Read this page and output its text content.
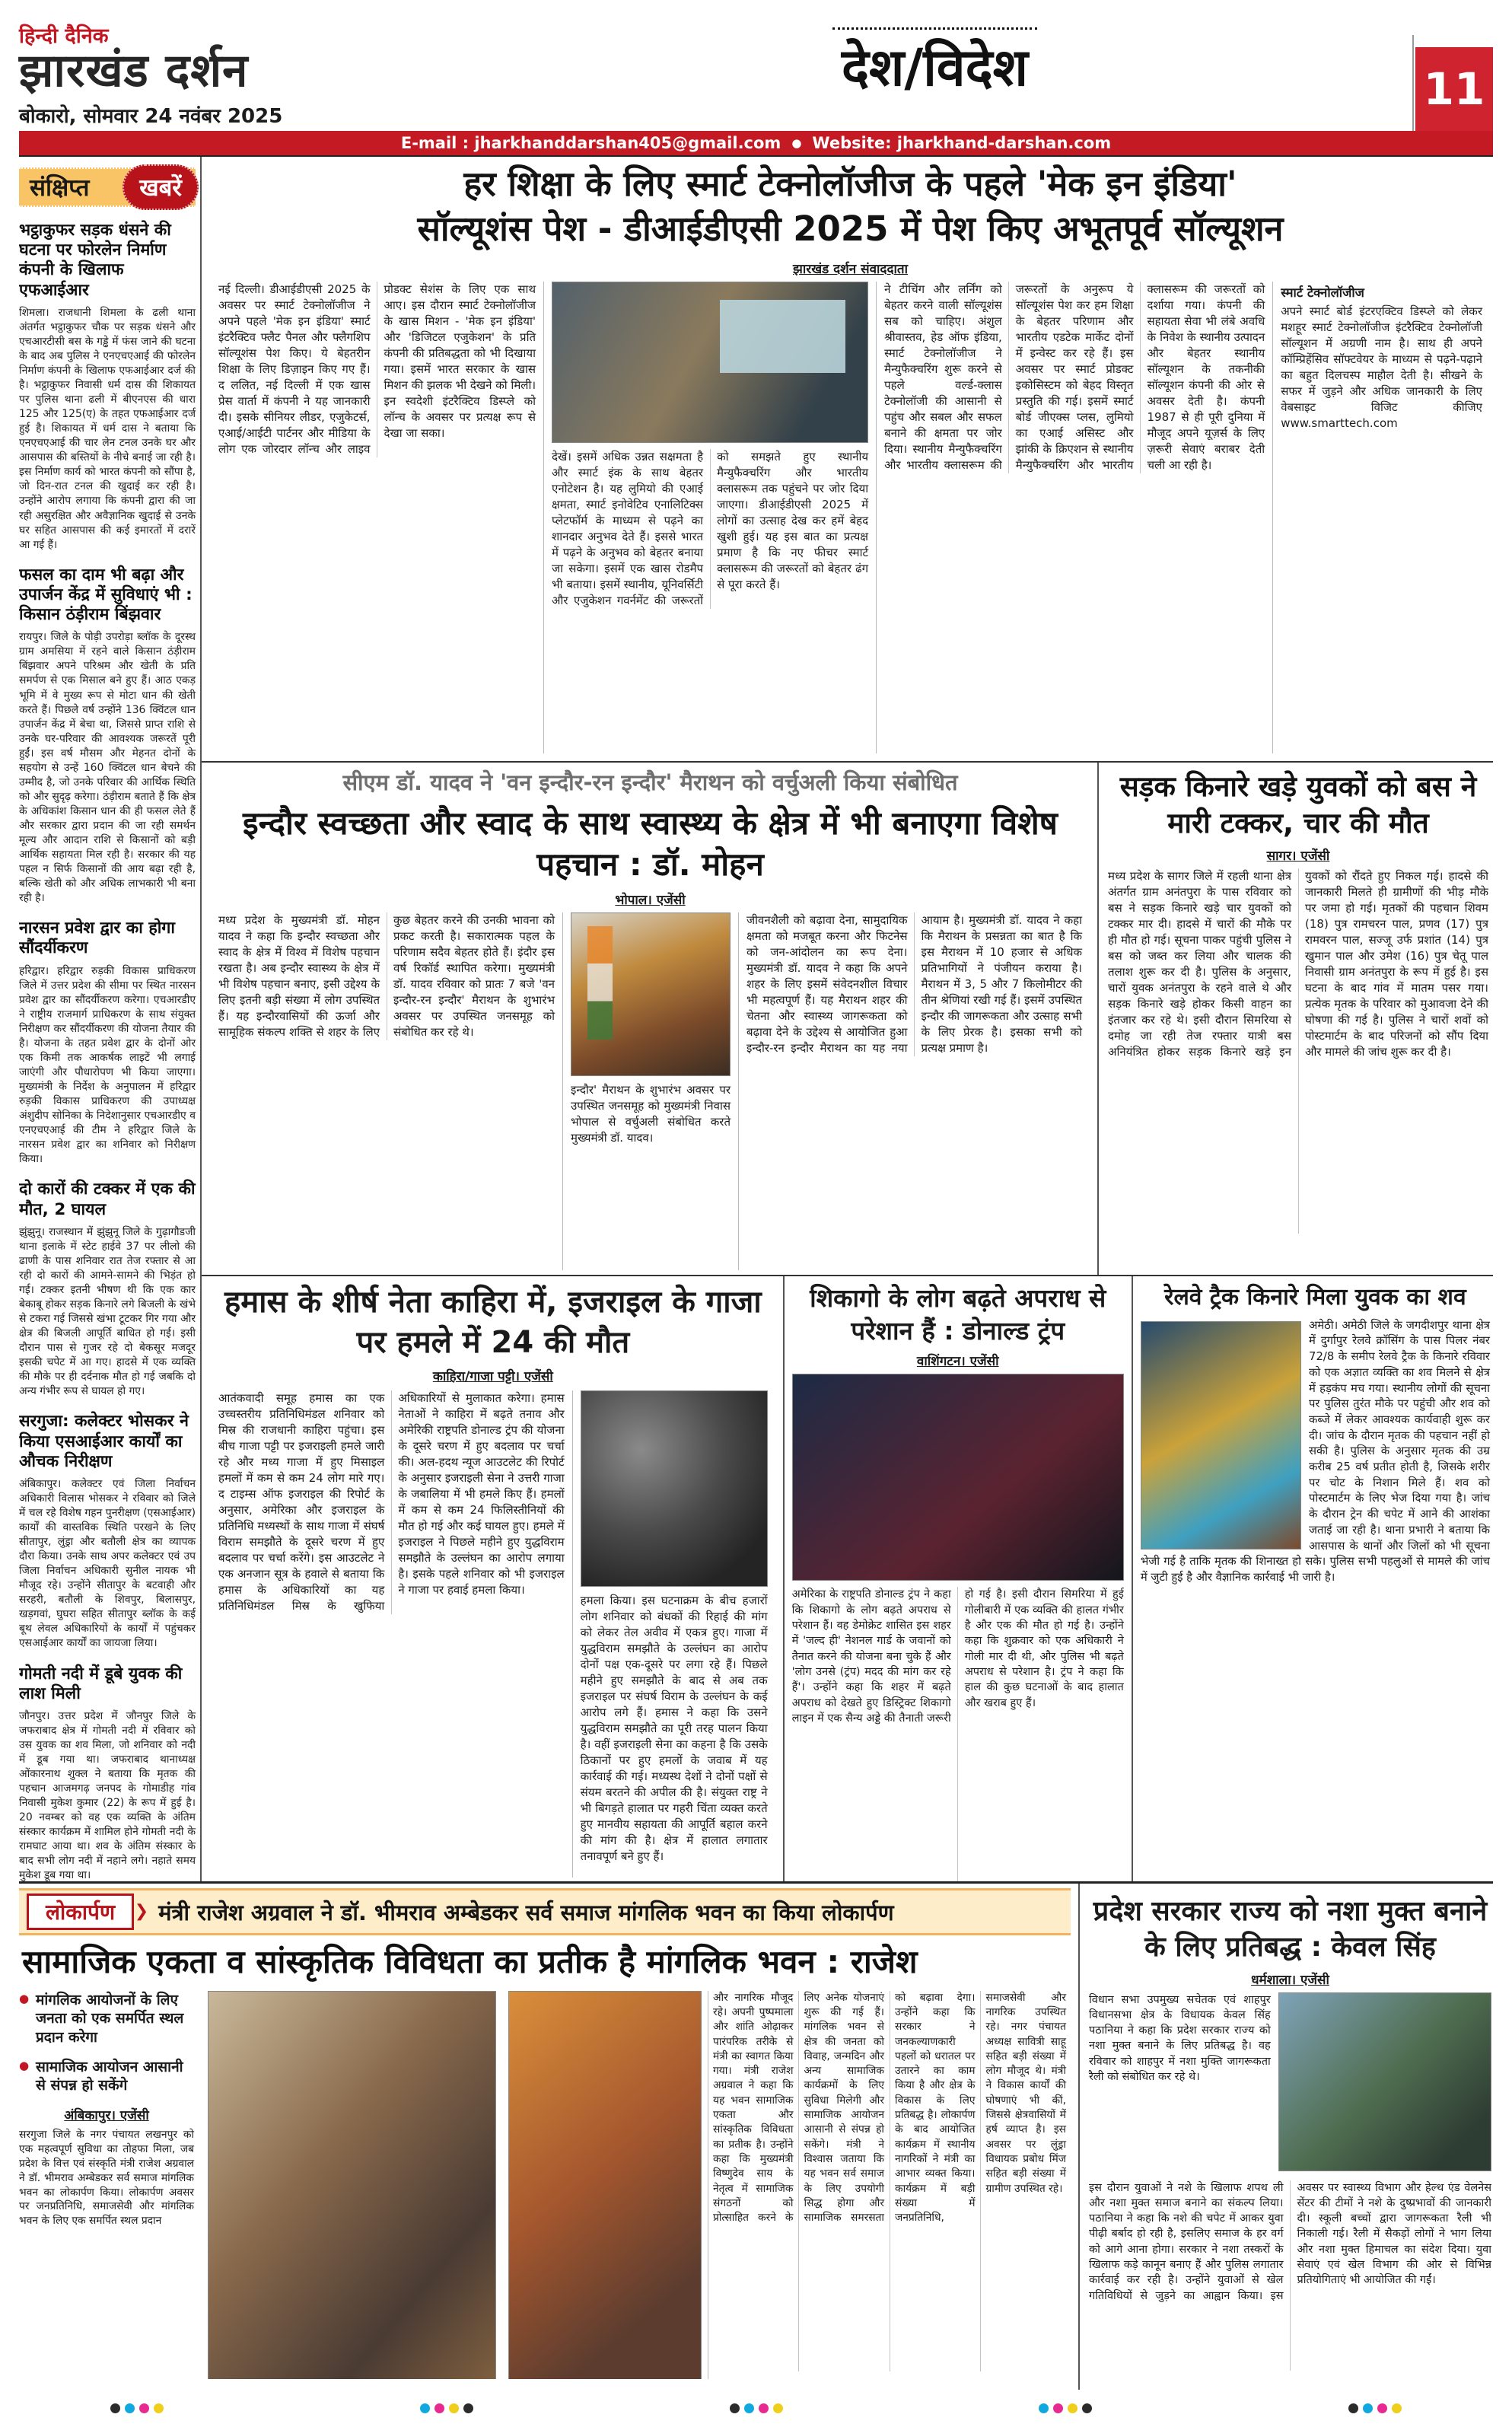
हिन्दी दैनिक
झारखंड दर्शन
बोकारो, सोमवार 24 नवंबर 2025
देश/विदेश	11
E-mail : jharkhanddarshan405@gmail.com ● Website: jharkhand-darshan.com
संक्षिप्त	खबरें
भट्ठाकुफर सड़क धंसने की घटना पर फोरलेन निर्माण कंपनी के खिलाफ एफआईआर

शिमला। राजधानी शिमला के ढली थाना अंतर्गत भट्ठाकुफर चौक पर सड़क धंसने और एचआरटीसी बस के गड्ढे में फंस जाने की घटना के बाद अब पुलिस ने एनएचएआई की फोरलेन निर्माण कंपनी के खिलाफ एफआईआर दर्ज की है। भट्ठाकुफर निवासी धर्म दास की शिकायत पर पुलिस थाना ढली में बीएनएस की धारा 125 और 125(ए) के तहत एफआईआर दर्ज हुई है। शिकायत में धर्म दास ने बताया कि एनएचएआई की चार लेन टनल उनके घर और आसपास की बस्तियों के नीचे बनाई जा रही है। इस निर्माण कार्य को भारत कंपनी को सौंपा है, जो दिन-रात टनल की खुदाई कर रही है। उन्होंने आरोप लगाया कि कंपनी द्वारा की जा रही असुरक्षित और अवैज्ञानिक खुदाई से उनके घर सहित आसपास की कई इमारतों में दरारें आ गई हैं।

फसल का दाम भी बढ़ा और उपार्जन केंद्र में सुविधाएं भी : किसान ठंड़ीराम बिंझवार

रायपुर। जिले के पोड़ी उपरोड़ा ब्लॉक के दूरस्थ ग्राम अमसिया में रहने वाले किसान ठंड़ीराम बिंझवार अपने परिश्रम और खेती के प्रति समर्पण से एक मिसाल बने हुए हैं। आठ एकड़ भूमि में वे मुख्य रूप से मोटा धान की खेती करते हैं। पिछले वर्ष उन्होंने 136 क्विंटल धान उपार्जन केंद्र में बेचा था, जिससे प्राप्त राशि से उनके घर-परिवार की आवश्यक जरूरतें पूरी हुईं। इस वर्ष मौसम और मेहनत दोनों के सहयोग से उन्हें 160 क्विंटल धान बेचने की उम्मीद है, जो उनके परिवार की आर्थिक स्थिति को और सुदृढ़ करेगा। ठंड़ीराम बताते हैं कि क्षेत्र के अधिकांश किसान धान की ही फसल लेते हैं और सरकार द्वारा प्रदान की जा रही समर्थन मूल्य और आदान राशि से किसानों को बड़ी आर्थिक सहायता मिल रही है। सरकार की यह पहल न सिर्फ किसानों की आय बढ़ा रही है, बल्कि खेती को और अधिक लाभकारी भी बना रही है।

नारसन प्रवेश द्वार का होगा सौंदर्यीकरण

हरिद्वार। हरिद्वार रुड़की विकास प्राधिकरण जिले में उत्तर प्रदेश की सीमा पर स्थित नारसन प्रवेश द्वार का सौंदर्यीकरण करेगा। एचआरडीए ने राष्ट्रीय राजमार्ग प्राधिकरण के साथ संयुक्त निरीक्षण कर सौंदर्यीकरण की योजना तैयार की है। योजना के तहत प्रवेश द्वार के दोनों ओर एक किमी तक आकर्षक लाइटें भी लगाई जाएंगी और पौधारोपण भी किया जाएगा। मुख्यमंत्री के निर्देश के अनुपालन में हरिद्वार रुड़की विकास प्राधिकरण की उपाध्यक्ष अंशुदीप सोनिका के निदेशानुसार एचआरडीए व एनएचएआई की टीम ने हरिद्वार जिले के नारसन प्रवेश द्वार का शनिवार को निरीक्षण किया।

दो कारों की टक्कर में एक की मौत, 2 घायल

झुंझुनू। राजस्थान में झुंझुनू जिले के गुढ़ागौडजी थाना इलाके में स्टेट हाईवे 37 पर लीलो की ढाणी के पास शनिवार रात तेज रफ्तार से आ रही दो कारों की आमने-सामने की भिड़ंत हो गई। टक्कर इतनी भीषण थी कि एक कार बेकाबू होकर सड़क किनारे लगे बिजली के खंभे से टकरा गई जिससे खंभा टूटकर गिर गया और क्षेत्र की बिजली आपूर्ति बाधित हो गई। इसी दौरान पास से गुजर रहे दो बेकसूर मजदूर इसकी चपेट में आ गए। हादसे में एक व्यक्ति की मौके पर ही दर्दनाक मौत हो गई जबकि दो अन्य गंभीर रूप से घायल हो गए।

सरगुजा: कलेक्टर भोसकर ने किया एसआईआर कार्यों का औचक निरीक्षण

अंबिकापुर। कलेक्टर एवं जिला निर्वाचन अधिकारी विलास भोसकर ने रविवार को जिले में चल रहे विशेष गहन पुनरीक्षण (एसआईआर) कार्यों की वास्तविक स्थिति परखने के लिए सीतापुर, लुंड्रा और बतौली क्षेत्र का व्यापक दौरा किया। उनके साथ अपर कलेक्टर एवं उप जिला निर्वाचन अधिकारी सुनील नायक भी मौजूद रहे। उन्होंने सीतापुर के बटवाही और सरहरी, बतौली के शिवपुर, बिलासपुर, खड़गवां, घुघरा सहित सीतापुर ब्लॉक के कई बूथ लेवल अधिकारियों के कार्यों में पहुंचकर एसआईआर कार्यों का जायजा लिया।

गोमती नदी में डूबे युवक की लाश मिली

जौनपुर। उत्तर प्रदेश में जौनपुर जिले के जफराबाद क्षेत्र में गोमती नदी में रविवार को उस युवक का शव मिला, जो शनिवार को नदी में डूब गया था। जफराबाद थानाध्यक्ष ओंकारनाथ शुक्ल ने बताया कि मृतक की पहचान आजमगढ़ जनपद के गोमाडीह गांव निवासी मुकेश कुमार (22) के रूप में हुई है। 20 नवम्बर को वह एक व्यक्ति के अंतिम संस्कार कार्यक्रम में शामिल होने गोमती नदी के रामघाट आया था। शव के अंतिम संस्कार के बाद सभी लोग नदी में नहाने लगे। नहाते समय मुकेश डूब गया था।

हर शिक्षा के लिए स्मार्ट टेक्नोलॉजीज के पहले 'मेक इन इंडिया'
सॉल्यूशंस पेश - डीआईडीएसी 2025 में पेश किए अभूतपूर्व सॉल्यूशन
झारखंड दर्शन संवाददाता
नई दिल्ली। डीआईडीएसी 2025 के अवसर पर स्मार्ट टेक्नोलॉजीज ने अपने पहले 'मेक इन इंडिया' स्मार्ट इंटरैक्टिव फ्लैट पैनल और फ्लैगशिप सॉल्यूशंस पेश किए। ये बेहतरीन शिक्षा के लिए डिज़ाइन किए गए हैं। द ललित, नई दिल्ली में एक खास प्रेस वार्ता में कंपनी ने यह जानकारी दी। इसके सीनियर लीडर, एजुकेटर्स, एआई/आईटी पार्टनर और मीडिया के लोग एक जोरदार लॉन्च और लाइव प्रोडक्ट सेशंस के लिए एक साथ आए। इस दौरान स्मार्ट टेक्नोलॉजीज के खास मिशन - 'मेक इन इंडिया' और 'डिजिटल एजुकेशन' के प्रति कंपनी की प्रतिबद्धता को भी दिखाया गया। इसमें भारत सरकार के खास मिशन की झलक भी देखने को मिली। इन स्वदेशी इंटरैक्टिव डिस्प्ले को लॉन्च के अवसर पर प्रत्यक्ष रूप से देखा जा सका।
देखें। इसमें अधिक उन्नत सक्षमता है और स्मार्ट इंक के साथ बेहतर एनोटेशन है। यह लुमियो की एआई क्षमता, स्मार्ट इनोवेटिव एनालिटिक्स प्लेटफॉर्म के माध्यम से पढ़ने का शानदार अनुभव देते हैं। इससे भारत में पढ़ने के अनुभव को बेहतर बनाया जा सकेगा। इसमें एक खास रोडमैप भी बताया। इसमें स्थानीय, यूनिवर्सिटी और एजुकेशन गवर्नमेंट की जरूरतों को समझते हुए स्थानीय मैन्युफैक्चरिंग और भारतीय क्लासरूम तक पहुंचने पर जोर दिया जाएगा। डीआईडीएसी 2025 में लोगों का उत्साह देख कर हमें बेहद खुशी हुई। यह इस बात का प्रत्यक्ष प्रमाण है कि नए फीचर स्मार्ट क्लासरूम की जरूरतों को बेहतर ढंग से पूरा करते हैं।
ने टीचिंग और लर्निंग को बेहतर करने वाली सॉल्यूशंस सब को चाहिए। अंशुल श्रीवास्तव, हेड ऑफ इंडिया, स्मार्ट टेक्नोलॉजीज ने मैन्युफैक्चरिंग शुरू करने से पहले वर्ल्ड-क्लास टेक्नोलॉजी की आसानी से पहुंच और सबल और सफल बनाने की क्षमता पर जोर दिया। स्थानीय मैन्युफैक्चरिंग और भारतीय क्लासरूम की जरूरतों के अनुरूप ये सॉल्यूशंस पेश कर हम शिक्षा के बेहतर परिणाम और भारतीय एडटेक मार्केट दोनों में इन्वेस्ट कर रहे हैं। इस अवसर पर स्मार्ट प्रोडक्ट इकोसिस्टम को बेहद विस्तृत प्रस्तुति की गई। इसमें स्मार्ट बोर्ड जीएक्स प्लस, लुमियो का एआई असिस्ट और झांकी के क्रिएशन से स्थानीय मैन्युफैक्चरिंग और भारतीय क्लासरूम की जरूरतों को दर्शाया गया। कंपनी की सहायता सेवा भी लंबे अवधि के निवेश के स्थानीय उत्पादन और बेहतर स्थानीय सॉल्यूशन के तकनीकी सॉल्यूशन कंपनी की ओर से अवसर देती है। कंपनी 1987 से ही पूरी दुनिया में मौजूद अपने यूज़र्स के लिए ज़रूरी सेवाएं बराबर देती चली आ रही है।
स्मार्ट टेक्नोलॉजीज
अपने स्मार्ट बोर्ड इंटरएक्टिव डिस्प्ले को लेकर मशहूर स्मार्ट टेक्नोलॉजीज इंटरैक्टिव टेक्नोलॉजी सॉल्यूशन में अग्रणी नाम है। साथ ही अपने कॉम्प्रिहेंसिव सॉफ्टवेयर के माध्यम से पढ़ने-पढ़ाने का बहुत दिलचस्प माहौल देती है। सीखने के सफर में जुड़ने और अधिक जानकारी के लिए वेबसाइट विजिट कीजिए www.smarttech.com
सीएम डॉ. यादव ने 'वन इन्दौर-रन इन्दौर' मैराथन को वर्चुअली किया संबोधित
इन्दौर स्वच्छता और स्वाद के साथ स्वास्थ्य के क्षेत्र में भी बनाएगा विशेष पहचान : डॉ. मोहन
भोपाल। एजेंसी
मध्य प्रदेश के मुख्यमंत्री डॉ. मोहन यादव ने कहा कि इन्दौर स्वच्छता और स्वाद के क्षेत्र में विश्व में विशेष पहचान रखता है। अब इन्दौर स्वास्थ्य के क्षेत्र में भी विशेष पहचान बनाए, इसी उद्देश्य के लिए इतनी बड़ी संख्या में लोग उपस्थित हैं। यह इन्दौरवासियों की ऊर्जा और सामूहिक संकल्प शक्ति से शहर के लिए कुछ बेहतर करने की उनकी भावना को प्रकट करती है। सकारात्मक पहल के परिणाम सदैव बेहतर होते हैं। इंदौर इस वर्ष रिकॉर्ड स्थापित करेगा। मुख्यमंत्री डॉ. यादव रविवार को प्रातः 7 बजे 'वन इन्दौर-रन इन्दौर' मैराथन के शुभारंभ अवसर पर उपस्थित जनसमूह को संबोधित कर रहे थे।
इन्दौर' मैराथन के शुभारंभ अवसर पर उपस्थित जनसमूह को मुख्यमंत्री निवास भोपाल से वर्चुअली संबोधित करते मुख्यमंत्री डॉ. यादव।
जीवनशैली को बढ़ावा देना, सामुदायिक क्षमता को मजबूत करना और फिटनेस को जन-आंदोलन का रूप देना। मुख्यमंत्री डॉ. यादव ने कहा कि अपने शहर के लिए इसमें संवेदनशील विचार भी महत्वपूर्ण हैं। यह मैराथन शहर की चेतना और स्वास्थ्य जागरूकता को बढ़ावा देने के उद्देश्य से आयोजित हुआ इन्दौर-रन इन्दौर मैराथन का यह नया आयाम है। मुख्यमंत्री डॉ. यादव ने कहा कि मैराथन के प्रसन्नता का बात है कि इस मैराथन में 10 हजार से अधिक प्रतिभागियों ने पंजीयन कराया है। मैराथन में 3, 5 और 7 किलोमीटर की तीन श्रेणियां रखी गई हैं। इसमें उपस्थित इन्दौर की जागरूकता और उत्साह सभी के लिए प्रेरक है। इसका सभी को प्रत्यक्ष प्रमाण है।
सड़क किनारे खड़े युवकों को बस ने मारी टक्कर, चार की मौत
सागर। एजेंसी
मध्य प्रदेश के सागर जिले में रहली थाना क्षेत्र अंतर्गत ग्राम अनंतपुरा के पास रविवार को बस ने सड़क किनारे खड़े चार युवकों को टक्कर मार दी। हादसे में चारों की मौके पर ही मौत हो गई। सूचना पाकर पहुंची पुलिस ने बस को जब्त कर लिया और चालक की तलाश शुरू कर दी है। पुलिस के अनुसार, चारों युवक अनंतपुरा के रहने वाले थे और सड़क किनारे खड़े होकर किसी वाहन का इंतजार कर रहे थे। इसी दौरान सिमरिया से दमोह जा रही तेज रफ्तार यात्री बस अनियंत्रित होकर सड़क किनारे खड़े इन युवकों को रौंदते हुए निकल गई। हादसे की जानकारी मिलते ही ग्रामीणों की भीड़ मौके पर जमा हो गई। मृतकों की पहचान शिवम (18) पुत्र रामचरन पाल, प्रणव (17) पुत्र रामवरन पाल, सज्जू उर्फ प्रशांत (14) पुत्र खुमान पाल और उमेश (16) पुत्र चेतू पाल निवासी ग्राम अनंतपुरा के रूप में हुई है। इस घटना के बाद गांव में मातम पसर गया। प्रत्येक मृतक के परिवार को मुआवजा देने की घोषणा की गई है। पुलिस ने चारों शवों को पोस्टमार्टम के बाद परिजनों को सौंप दिया और मामले की जांच शुरू कर दी है।
हमास के शीर्ष नेता काहिरा में, इजराइल के गाजा पर हमले में 24 की मौत
काहिरा/गाजा पट्टी। एजेंसी
आतंकवादी समूह हमास का एक उच्चस्तरीय प्रतिनिधिमंडल शनिवार को मिस्र की राजधानी काहिरा पहुंचा। इस बीच गाजा पट्टी पर इजराइली हमले जारी रहे और मध्य गाजा में हुए मिसाइल हमलों में कम से कम 24 लोग मारे गए। द टाइम्स ऑफ इजराइल की रिपोर्ट के अनुसार, अमेरिका और इजराइल के प्रतिनिधि मध्यस्थों के साथ गाजा में संघर्ष विराम समझौते के दूसरे चरण में हुए बदलाव पर चर्चा करेंगे। इस आउटलेट ने एक अनजान सूत्र के हवाले से बताया कि हमास के अधिकारियों का यह प्रतिनिधिमंडल मिस्र के खुफिया अधिकारियों से मुलाकात करेगा। हमास नेताओं ने काहिरा में बढ़ते तनाव और अमेरिकी राष्ट्रपति डोनाल्ड ट्रंप की योजना के दूसरे चरण में हुए बदलाव पर चर्चा की। अल-हदथ न्यूज आउटलेट की रिपोर्ट के अनुसार इजराइली सेना ने उत्तरी गाजा के जबालिया में भी हमले किए हैं। हमलों में कम से कम 24 फिलिस्तीनियों की मौत हो गई और कई घायल हुए। हमले में इजराइल ने पिछले महीने हुए युद्धविराम समझौते के उल्लंघन का आरोप लगाया है। इसके पहले शनिवार को भी इजराइल ने गाजा पर हवाई हमला किया।
हमला किया। इस घटनाक्रम के बीच हजारों लोग शनिवार को बंधकों की रिहाई की मांग को लेकर तेल अवीव में एकत्र हुए। गाजा में युद्धविराम समझौते के उल्लंघन का आरोप दोनों पक्ष एक-दूसरे पर लगा रहे हैं। पिछले महीने हुए समझौते के बाद से अब तक इजराइल पर संघर्ष विराम के उल्लंघन के कई आरोप लगे हैं। हमास ने कहा कि उसने युद्धविराम समझौते का पूरी तरह पालन किया है। वहीं इजराइली सेना का कहना है कि उसके ठिकानों पर हुए हमलों के जवाब में यह कार्रवाई की गई। मध्यस्थ देशों ने दोनों पक्षों से संयम बरतने की अपील की है। संयुक्त राष्ट्र ने भी बिगड़ते हालात पर गहरी चिंता व्यक्त करते हुए मानवीय सहायता की आपूर्ति बहाल करने की मांग की है। क्षेत्र में हालात लगातार तनावपूर्ण बने हुए हैं।
शिकागो के लोग बढ़ते अपराध से परेशान हैं : डोनाल्ड ट्रंप
वाशिंगटन। एजेंसी
अमेरिका के राष्ट्रपति डोनाल्ड ट्रंप ने कहा कि शिकागो के लोग बढ़ते अपराध से परेशान हैं। वह डेमोक्रेट शासित इस शहर में 'जल्द ही' नेशनल गार्ड के जवानों को तैनात करने की योजना बना चुके हैं और 'लोग उनसे (ट्रंप) मदद की मांग कर रहे हैं'। उन्होंने कहा कि शहर में बढ़ते अपराध को देखते हुए डिस्ट्रिक्ट शिकागो लाइन में एक सैन्य अड्डे की तैनाती जरूरी हो गई है। इसी दौरान सिमरिया में हुई गोलीबारी में एक व्यक्ति की हालत गंभीर है और एक की मौत हो गई है। उन्होंने कहा कि शुक्रवार को एक अधिकारी ने गोली मार दी थी, और पुलिस भी बढ़ते अपराध से परेशान है। ट्रंप ने कहा कि हाल की कुछ घटनाओं के बाद हालात और खराब हुए हैं।
रेलवे ट्रैक किनारे मिला युवक का शव
अमेठी। अमेठी जिले के जगदीशपुर थाना क्षेत्र में दुर्गापुर रेलवे क्रॉसिंग के पास पिलर नंबर 72/8 के समीप रेलवे ट्रैक के किनारे रविवार को एक अज्ञात व्यक्ति का शव मिलने से क्षेत्र में हड़कंप मच गया। स्थानीय लोगों की सूचना पर पुलिस तुरंत मौके पर पहुंची और शव को कब्जे में लेकर आवश्यक कार्यवाही शुरू कर दी। जांच के दौरान मृतक की पहचान नहीं हो सकी है। पुलिस के अनुसार मृतक की उम्र करीब 25 वर्ष प्रतीत होती है, जिसके शरीर पर चोट के निशान मिले हैं। शव को पोस्टमार्टम के लिए भेज दिया गया है। जांच के दौरान ट्रेन की चपेट में आने की आशंका जताई जा रही है। थाना प्रभारी ने बताया कि आसपास के थानों और जिलों को भी सूचना भेजी गई है ताकि मृतक की शिनाख्त हो सके। पुलिस सभी पहलुओं से मामले की जांच में जुटी हुई है और वैज्ञानिक कार्रवाई भी जारी है।
लोकार्पण ❯	मंत्री राजेश अग्रवाल ने डॉ. भीमराव अम्बेडकर सर्व समाज मांगलिक भवन का किया लोकार्पण
सामाजिक एकता व सांस्कृतिक विविधता का प्रतीक है मांगलिक भवन : राजेश
● मांगलिक आयोजनों के लिए जनता को एक समर्पित स्थल प्रदान करेगा
● सामाजिक आयोजन आसानी से संपन्न हो सकेंगे
अंबिकापुर। एजेंसी

सरगुजा जिले के नगर पंचायत लखनपुर को एक महत्वपूर्ण सुविधा का तोहफा मिला, जब प्रदेश के वित्त एवं संस्कृति मंत्री राजेश अग्रवाल ने डॉ. भीमराव अम्बेडकर सर्व समाज मांगलिक भवन का लोकार्पण किया। लोकार्पण अवसर पर जनप्रतिनिधि, समाजसेवी और मांगलिक भवन के लिए एक समर्पित स्थल प्रदान

और नागरिक मौजूद रहे। अपनी पुष्पमाला और शांति ओढ़ाकर पारंपरिक तरीके से मंत्री का स्वागत किया गया। मंत्री राजेश अग्रवाल ने कहा कि यह भवन सामाजिक एकता और सांस्कृतिक विविधता का प्रतीक है। उन्होंने कहा कि मुख्यमंत्री विष्णुदेव साय के नेतृत्व में सामाजिक संगठनों को प्रोत्साहित करने के लिए अनेक योजनाएं शुरू की गई हैं। मांगलिक भवन से क्षेत्र की जनता को विवाह, जन्मदिन और अन्य सामाजिक कार्यक्रमों के लिए सुविधा मिलेगी और सामाजिक आयोजन आसानी से संपन्न हो सकेंगे। मंत्री ने विश्वास जताया कि यह भवन सर्व समाज के लिए उपयोगी सिद्ध होगा और सामाजिक समरसता को बढ़ावा देगा। उन्होंने कहा कि सरकार ने जनकल्याणकारी पहलों को धरातल पर उतारने का काम किया है और क्षेत्र के विकास के लिए प्रतिबद्ध है। लोकार्पण के बाद आयोजित कार्यक्रम में स्थानीय नागरिकों ने मंत्री का आभार व्यक्त किया। कार्यक्रम में बड़ी संख्या में जनप्रतिनिधि, समाजसेवी और नागरिक उपस्थित रहे। नगर पंचायत अध्यक्ष सावित्री साहू सहित बड़ी संख्या में लोग मौजूद थे। मंत्री ने विकास कार्यों की घोषणाएं भी कीं, जिससे क्षेत्रवासियों में हर्ष व्याप्त है। इस अवसर पर लुंड्रा विधायक प्रबोध मिंज सहित बड़ी संख्या में ग्रामीण उपस्थित रहे।
प्रदेश सरकार राज्य को नशा मुक्त बनाने के लिए प्रतिबद्ध : केवल सिंह
धर्मशाला। एजेंसी
विधान सभा उपमुख्य सचेतक एवं शाहपुर विधानसभा क्षेत्र के विधायक केवल सिंह पठानिया ने कहा कि प्रदेश सरकार राज्य को नशा मुक्त बनाने के लिए प्रतिबद्ध है। वह रविवार को शाहपुर में नशा मुक्ति जागरूकता रैली को संबोधित कर रहे थे।
इस दौरान युवाओं ने नशे के खिलाफ शपथ ली और नशा मुक्त समाज बनाने का संकल्प लिया। पठानिया ने कहा कि नशे की चपेट में आकर युवा पीढ़ी बर्बाद हो रही है, इसलिए समाज के हर वर्ग को आगे आना होगा। सरकार ने नशा तस्करों के खिलाफ कड़े कानून बनाए हैं और पुलिस लगातार कार्रवाई कर रही है। उन्होंने युवाओं से खेल गतिविधियों से जुड़ने का आह्वान किया। इस अवसर पर स्वास्थ्य विभाग और हेल्थ एंड वेलनेस सेंटर की टीमों ने नशे के दुष्प्रभावों की जानकारी दी। स्कूली बच्चों द्वारा जागरूकता रैली भी निकाली गई। रैली में सैकड़ों लोगों ने भाग लिया और नशा मुक्त हिमाचल का संदेश दिया। युवा सेवाएं एवं खेल विभाग की ओर से विभिन्न प्रतियोगिताएं भी आयोजित की गईं।
